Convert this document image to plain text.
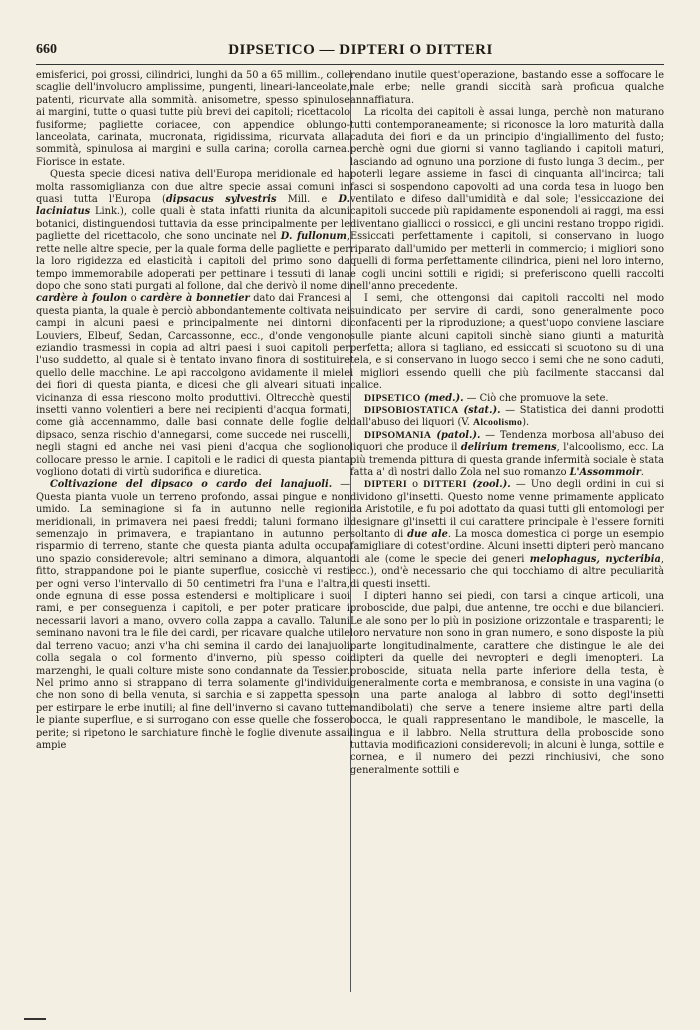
660	DIPSETICO — DIPTERI O DITTERI

emisferici, poi grossi, cilindrici, lunghi da 50 a 65 millim., colle scaglie dell'involucro amplissime, pungenti, lineari-lanceolate, patenti, ricurvate alla sommità. anisometre, spesso spinulose ai margini, tutte o quasi tutte più brevi dei capitoli; ricettacolo fusiforme; pagliette coriacee, con appendice oblungo-lanceolata, carinata, mucronata, rigidissima, ricurvata alla sommità, spinulosa ai margini e sulla carina; corolla carnea. Fiorisce in estate.

Questa specie dicesi nativa dell'Europa meridionale ed ha molta rassomiglianza con due altre specie assai comuni in quasi tutta l'Europa (dipsacus sylvestris Mill. e D. laciniatus Link.), colle quali è stata infatti riunita da alcuni botanici, distinguendosi tuttavia da esse principalmente per le pagliette del ricettacolo, che sono uncinate nel D. fullonum, rette nelle altre specie, per la quale forma delle pagliette e per la loro rigidezza ed elasticità i capitoli del primo sono da tempo immemorabile adoperati per pettinare i tessuti di lana dopo che sono stati purgati al follone, dal che derivò il nome di cardère à foulon o cardère à bonnetier dato dai Francesi a questa pianta, la quale è perciò abbondantemente coltivata nei campi in alcuni paesi e principalmente nei dintorni di Louviers, Elbeuf, Sedan, Carcassonne, ecc., d'onde vengono eziandio trasmessi in copia ad altri paesi i suoi capitoli per l'uso suddetto, al quale si è tentato invano finora di sostituire quello delle macchine. Le api raccolgono avidamente il miele dei fiori di questa pianta, e dicesi che gli alveari situati in vicinanza di essa riescono molto produttivi. Oltrecchè questi insetti vanno volentieri a bere nei recipienti d'acqua formati, come già accennammo, dalle basi connate delle foglie del dipsaco, senza rischio d'annegarsi, come succede nei ruscelli, negli stagni ed anche nei vasi pieni d'acqua che sogliono collocare presso le arnie. I capitoli e le radici di questa pianta vogliono dotati di virtù sudorifica e diuretica.

Coltivazione del dipsaco o cardo dei lanajuoli. — Questa pianta vuole un terreno profondo, assai pingue e non umido. La seminagione si fa in autunno nelle regioni meridionali, in primavera nei paesi freddi; taluni formano il semenzajo in primavera, e trapiantano in autunno per risparmio di terreno, stante che questa pianta adulta occupa uno spazio considerevole; altri seminano a dimora, alquanto fitto, strappandone poi le piante superflue, cosicchè vi resti per ogni verso l'intervallo di 50 centimetri fra l'una e l'altra, onde egnuna di esse possa estendersi e moltiplicare i suoi rami, e per conseguenza i capitoli, e per poter praticare i necessarii lavori a mano, ovvero colla zappa a cavallo. Taluni seminano navoni tra le file dei cardi, per ricavare qualche utile dal terreno vacuo; anzi v'ha chi semina il cardo dei lanajuoli colla segala o col formento d'inverno, più spesso coi marzenghi, le quali colture miste sono condannate da Tessier. Nel primo anno si strappano di terra solamente gl'individui che non sono di bella venuta, si sarchia e si zappetta spesso per estirpare le erbe inutili; al fine dell'inverno si cavano tutte le piante superflue, e si surrogano con esse quelle che fossero perite; si ripetono le sarchiature finchè le foglie divenute assai ampie

rendano inutile quest'operazione, bastando esse a soffocare le male erbe; nelle grandi siccità sarà proficua qualche annaffiatura.

La ricolta dei capitoli è assai lunga, perchè non maturano tutti contemporaneamente; si riconosce la loro maturità dalla caduta dei fiori e da un principio d'ingiallimento del fusto; perchè ogni due giorni si vanno tagliando i capitoli maturi, lasciando ad ognuno una porzione di fusto lunga 3 decim., per poterli legare assieme in fasci di cinquanta all'incirca; tali fasci si sospendono capovolti ad una corda tesa in luogo ben ventilato e difeso dall'umidità e dal sole; l'essiccazione dei capitoli succede più rapidamente esponendoli ai raggi, ma essi diventano giallicci o rossicci, e gli uncini restano troppo rigidi. Essiccati perfettamente i capitoli, si conservano in luogo riparato dall'umido per metterli in commercio; i migliori sono quelli di forma perfettamente cilindrica, pieni nel loro interno, e cogli uncini sottili e rigidi; si preferiscono quelli raccolti nell'anno precedente.

I semi, che ottengonsi dai capitoli raccolti nel modo suindicato per servire di cardi, sono generalmente poco confacenti per la riproduzione; a quest'uopo conviene lasciare sulle piante alcuni capitoli sinchè siano giunti a maturità perfetta; allora si tagliano, ed essiccati si scuotono su di una tela, e si conservano in luogo secco i semi che ne sono caduti, i migliori essendo quelli che più facilmente staccansi dal calice.

DIPSETICO (med.). — Ciò che promuove la sete.

DIPSOBIOSTATICA (stat.). — Statistica dei danni prodotti dall'abuso dei liquori (V. Alcoolismo).

DIPSOMANIA (patol.). — Tendenza morbosa all'abuso dei liquori che produce il delirium tremens, l'alcoolismo, ecc. La più tremenda pittura di questa grande infermità sociale è stata fatta a' dì nostri dallo Zola nel suo romanzo L'Assommoir.

DIPTERI o DITTERI (zool.). — Uno degli ordini in cui si dividono gl'insetti. Questo nome venne primamente applicato da Aristotile, e fu poi adottato da quasi tutti gli entomologi per designare gl'insetti il cui carattere principale è l'essere forniti soltanto di due ale. La mosca domestica ci porge un esempio famigliare di cotest'ordine. Alcuni insetti dipteri però mancano di ale (come le specie dei generi melophagus, nycteribia, ecc.), ond'è necessario che qui tocchiamo di altre peculiarità di questi insetti.

I dipteri hanno sei piedi, con tarsi a cinque articoli, una proboscide, due palpi, due antenne, tre occhi e due bilancieri. Le ale sono per lo più in posizione orizzontale e trasparenti; le loro nervature non sono in gran numero, e sono disposte la più parte longitudinalmente, carattere che distingue le ale dei dipteri da quelle dei nevropteri e degli imenopteri. La proboscide, situata nella parte inferiore della testa, è generalmente corta e membranosa, e consiste in una vagina (o in una parte analoga al labbro di sotto degl'insetti mandibolati) che serve a tenere insieme altre parti della bocca, le quali rappresentano le mandibole, le mascelle, la lingua e il labbro. Nella struttura della proboscide sono tuttavia modificazioni considerevoli; in alcuni è lunga, sottile e cornea, e il numero dei pezzi rinchiusivi, che sono generalmente sottili e
